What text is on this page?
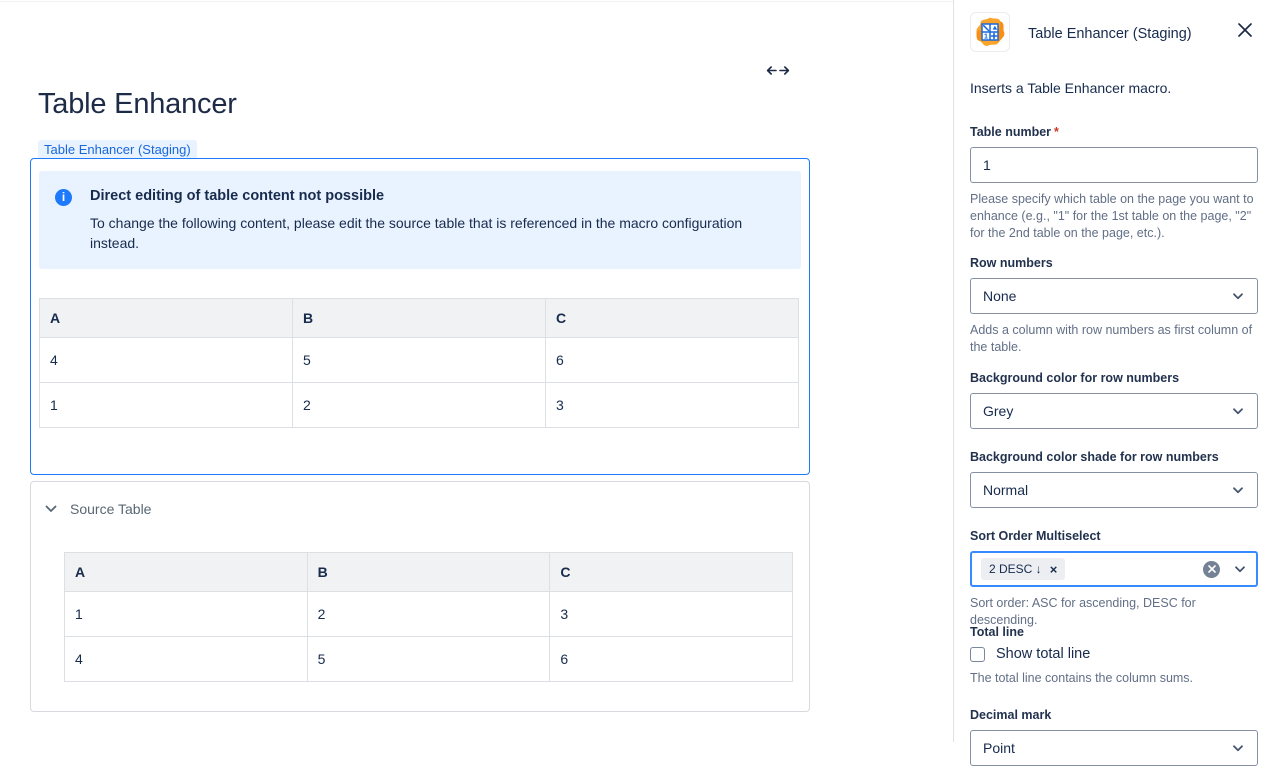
Table Enhancer
Table Enhancer (Staging)
i	Direct editing of table content not possible
To change the following content, please edit the source table that is referenced in the macro configuration instead.
A	B	C
4	5	6
1	2	3
Source Table
A	B	C
1	2	3
4	5	6
1	Table Enhancer (Staging)
Inserts a Table Enhancer macro.
Table number *
1
Please specify which table on the page you want to enhance (e.g., "1" for the 1st table on the page, "2" for the 2nd table on the page, etc.).
Row numbers
None
Adds a column with row numbers as first column of the table.
Background color for row numbers
Grey
Background color shade for row numbers
Normal
Sort Order Multiselect
2 DESC ↓ ×
Sort order: ASC for ascending, DESC for descending.
Total line
Show total line
The total line contains the column sums.
Decimal mark
Point
